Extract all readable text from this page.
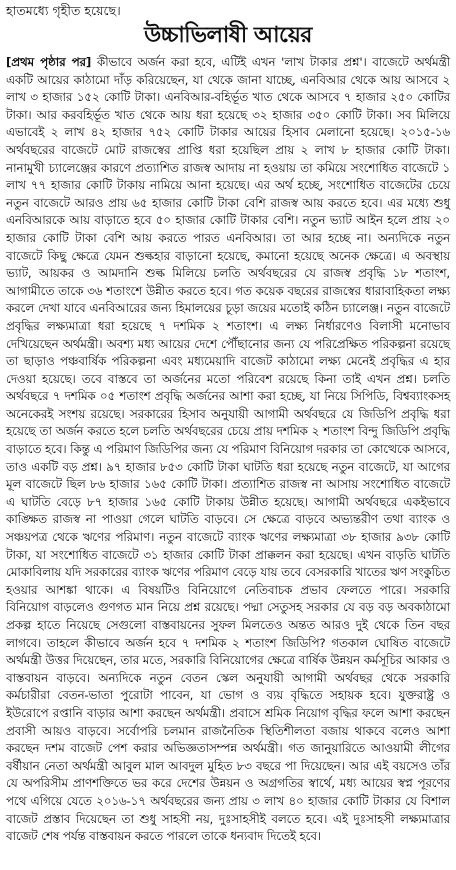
হাতমধ্যে গৃহীত হয়েছে।
উচ্চাভিলাষী আয়ের

[প্রথম পৃষ্ঠার পর] কীভাবে অর্জন করা হবে, এটিই এখন 'লাখ টাকার প্রশ্ন'। বাজেটে অর্থমন্ত্রী একটি আয়ের কাঠামো দাঁড় করিয়েছেন, যা থেকে জানা যাচ্ছে, এনবিআর থেকে আয় আসবে ২ লাখ ৩ হাজার ১৫২ কোটি টাকা। এনবিআর-বহির্ভূত খাত থেকে আসবে ৭ হাজার ২৫০ কোটির টাকা। আর করবহির্ভূত খাত থেকে আয় ধরা হয়েছে ৩২ হাজার ৩৫০ কোটি টাকা। সব মিলিয়ে এভাবেই ২ লাখ ৪২ হাজার ৭৫২ কোটি টাকার আয়ের হিসাব মেলানো হয়েছে। ২০১৫-১৬ অর্থবছরের বাজেটে মোট রাজস্বের প্রাপ্তি ধরা হয়েছিল প্রায় ২ লাখ ৮ হাজার কোটি টাকা। নানামুখী চ্যালেঞ্জের কারণে প্রত্যাশিত রাজস্ব আদায় না হওয়ায় তা কমিয়ে সংশোধিত বাজেটে ১ লাখ ৭৭ হাজার কোটি টাকায় নামিয়ে আনা হয়েছে। এর অর্থ হচ্ছে, সংশোধিত বাজেটের চেয়ে নতুন বাজেটে আরও প্রায় ৬৫ হাজার কোটি টাকা বেশি রাজস্ব আয় করতে হবে। এর মধ্যে শুধু এনবিআরকে আয় বাড়াতে হবে ৫০ হাজার কোটি টাকার বেশি। নতুন ভ্যাট আইন হলে প্রায় ২০ হাজার কোটি টাকা বেশি আয় করতে পারত এনবিআর। তা আর হচ্ছে না। অন্যদিকে নতুন বাজেটে কিছু ক্ষেত্রে যেমন শুল্কহার বাড়ানো হয়েছে, কমানো হয়েছে অনেক ক্ষেত্রে। এ অবস্থায় ভ্যাট, আয়কর ও আমদানি শুল্ক মিলিয়ে চলতি অর্থবছরের যে রাজস্ব প্রবৃদ্ধি ১৮ শতাংশ, আগামীতে তাকে ৩৬ শতাংশে উন্নীত করতে হবে। গত কয়েক বছরের রাজস্বের ধারাবাহিকতা লক্ষ্য করলে দেখা যাবে এনবিআরের জন্য হিমালয়ের চূড়া জয়ের মতোই কঠিন চ্যালেঞ্জ। নতুন বাজেটে প্রবৃদ্ধির লক্ষ্যমাত্রা ধরা হয়েছে ৭ দশমিক ২ শতাংশ। এ লক্ষ্য নির্ধারণেও বিলাসী মনোভাব দেখিয়েছেন অর্থমন্ত্রী। অবশ্য মধ্য আয়ের দেশে পৌঁছানোর জন্য যে পরিপ্রেক্ষিত পরিকল্পনা রয়েছে তা ছাড়াও পঞ্চবার্ষিক পরিকল্পনা এবং মধ্যমেয়াদি বাজেট কাঠামো লক্ষ্য মেনেই প্রবৃদ্ধির এ হার দেওয়া হয়েছে। তবে বাস্তবে তা অর্জনের মতো পরিবেশ রয়েছে কিনা তাই এখন প্রশ্ন। চলতি অর্থবছরে ৭ দশমিক ০৫ শতাংশ প্রবৃদ্ধি অর্জনের আশা করা হচ্ছে, যা নিয়ে সিপিডি, বিশ্বব্যাংকসহ অনেকেরই সংশয় রয়েছে। সরকারের হিসাব অনুযায়ী আগামী অর্থবছরে যে জিডিপি প্রবৃদ্ধি ধরা হয়েছে তা অর্জন করতে হলে চলতি অর্থবছরের চেয়ে প্রায় দশমিক ২ শতাংশ বিন্দু জিডিপি প্রবৃদ্ধি বাড়াতে হবে। কিন্তু এ পরিমাণ জিডিপির জন্য যে পরিমাণ বিনিয়োগ দরকার তা কোত্থেকে আসবে, তাও একটি বড় প্রশ্ন। ৯৭ হাজার ৮৫৩ কোটি টাকা ঘাটতি ধরা হয়েছে নতুন বাজেটে, যা আগের মূল বাজেটে ছিল ৮৬ হাজার ১৬৫ কোটি টাকা। প্রত্যাশিত রাজস্ব না আসায় সংশোধিত বাজেটে এ ঘাটতি বেড়ে ৮৭ হাজার ১৬৫ কোটি টাকায় উন্নীত হয়েছে। আগামী অর্থবছরে একইভাবে কাঙ্ক্ষিত রাজস্ব না পাওয়া গেলে ঘাটতি বাড়বে। সে ক্ষেত্রে বাড়বে অভ্যন্তরীণ তথা ব্যাংক ও সঞ্চয়পত্র থেকে ঋণের পরিমাণ। নতুন বাজেটে ব্যাংক ঋণের লক্ষ্যমাত্রা ৩৮ হাজার ৯৩৮ কোটি টাকা, যা সংশোধিত বাজেটে ৩১ হাজার কোটি টাকা প্রাক্কলন করা হয়েছে। এখন বাড়তি ঘাটতি মোকাবিলায় যদি সরকারের ব্যাংক ঋণের পরিমাণ বেড়ে যায় তবে বেসরকারি খাতের ঋণ সংকুচিত হওয়ার আশঙ্কা থাকে। এ বিষয়টিও বিনিয়োগে নেতিবাচক প্রভাব ফেলতে পারে। সরকারি বিনিয়োগ বাড়লেও গুণগত মান নিয়ে প্রশ্ন রয়েছে। পদ্মা সেতুসহ সরকার যে বড় বড় অবকাঠামো প্রকল্প হাতে নিয়েছে সেগুলো বাস্তবায়নের সুফল মিলতেও অন্তত আরও দুই থেকে তিন বছর লাগবে। তাহলে কীভাবে অর্জন হবে ৭ দশমিক ২ শতাংশ জিডিপি? গতকাল ঘোষিত বাজেটে অর্থমন্ত্রী উত্তর দিয়েছেন, তার মতে, সরকারি বিনিয়োগের ক্ষেত্রে বার্ষিক উন্নয়ন কর্মসূচির আকার ও বাস্তবায়ন বাড়বে। অন্যদিকে নতুন বেতন স্কেল অনুযায়ী আগামী অর্থবছর থেকে সরকারি কর্মচারীরা বেতন-ভাতা পুরোটা পাবেন, যা ভোগ ও ব্যয় বৃদ্ধিতে সহায়ক হবে। যুক্তরাষ্ট্র ও ইউরোপে রপ্তানি বাড়ার আশা করছেন অর্থমন্ত্রী। প্রবাসে শ্রমিক নিয়োগ বৃদ্ধির ফলে আশা করছেন প্রবাসী আয়ও বাড়বে। সর্বোপরি চলমান রাজনৈতিক স্থিতিশীলতা বজায় থাকবে বলেও আশা করছেন দশম বাজেট পেশ করার অভিজ্ঞতাসম্পন্ন অর্থমন্ত্রী। গত জানুয়ারিতে আওয়ামী লীগের বর্ষীয়ান নেতা অর্থমন্ত্রী আবুল মাল আবদুল মুহিত ৮৩ বছরে পা দিয়েছেন। আর এই বয়সেও তাঁর যে অপরিসীম প্রাণশক্তিতে ভর করে দেশের উন্নয়ন ও অগ্রগতির স্বার্থে, মধ্য আয়ের স্বপ্ন পূরণের পথে এগিয়ে যেতে ২০১৬-১৭ অর্থবছরের জন্য প্রায় ৩ লাখ ৪০ হাজার কোটি টাকার যে বিশাল বাজেট প্রস্তাব দিয়েছেন তা শুধু সাহসী নয়, দুঃসাহসীই বলতে হবে। এই দুঃসাহসী লক্ষ্যমাত্রার বাজেট শেষ পর্যন্ত বাস্তবায়ন করতে পারলে তাকে ধন্যবাদ দিতেই হবে।
